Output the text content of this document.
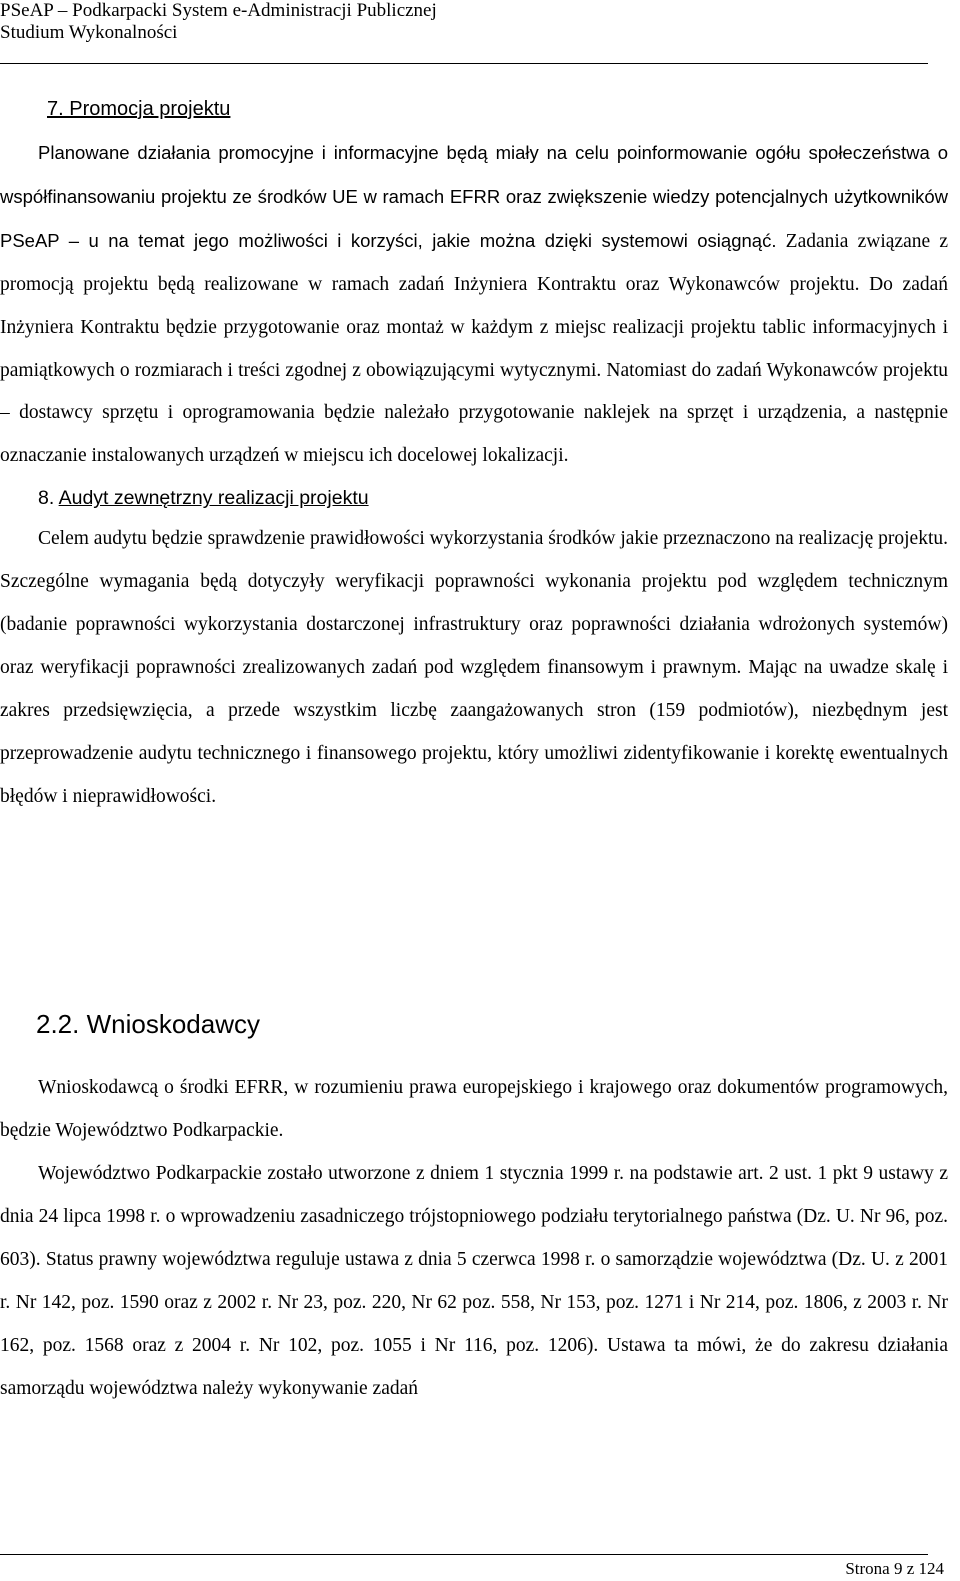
PSeAP – Podkarpacki System e-Administracji Publicznej
Studium Wykonalności
7. Promocja projektu

Planowane działania promocyjne i informacyjne będą miały na celu poinformowanie ogółu społeczeństwa o współfinansowaniu projektu ze środków UE w ramach EFRR oraz zwiększenie wiedzy potencjalnych użytkowników PSeAP – u na temat jego możliwości i korzyści, jakie można dzięki systemowi osiągnąć. Zadania związane z promocją projektu będą realizowane w ramach zadań Inżyniera Kontraktu oraz Wykonawców projektu. Do zadań Inżyniera Kontraktu będzie przygotowanie oraz montaż w każdym z miejsc realizacji projektu tablic informacyjnych i pamiątkowych o rozmiarach i treści zgodnej z obowiązującymi wytycznymi. Natomiast do zadań Wykonawców projektu – dostawcy sprzętu i oprogramowania będzie należało przygotowanie naklejek na sprzęt i urządzenia, a następnie oznaczanie instalowanych urządzeń w miejscu ich docelowej lokalizacji.

8. Audyt zewnętrzny realizacji projektu

Celem audytu będzie sprawdzenie prawidłowości wykorzystania środków jakie przeznaczono na realizację projektu. Szczególne wymagania będą dotyczyły weryfikacji poprawności wykonania projektu pod względem technicznym (badanie poprawności wykorzystania dostarczonej infrastruktury oraz poprawności działania wdrożonych systemów) oraz weryfikacji poprawności zrealizowanych zadań pod względem finansowym i prawnym. Mając na uwadze skalę i zakres przedsięwzięcia, a przede wszystkim liczbę zaangażowanych stron (159 podmiotów), niezbędnym jest przeprowadzenie audytu technicznego i finansowego projektu, który umożliwi zidentyfikowanie i korektę ewentualnych błędów i nieprawidłowości.

2.2. Wnioskodawcy

Wnioskodawcą o środki EFRR, w rozumieniu prawa europejskiego i krajowego oraz dokumentów programowych, będzie Województwo Podkarpackie.

Województwo Podkarpackie zostało utworzone z dniem 1 stycznia 1999 r. na podstawie art. 2 ust. 1 pkt 9 ustawy z dnia 24 lipca 1998 r. o wprowadzeniu zasadniczego trójstopniowego podziału terytorialnego państwa (Dz. U. Nr 96, poz. 603). Status prawny województwa reguluje ustawa z dnia 5 czerwca 1998 r. o samorządzie województwa (Dz. U. z 2001 r. Nr 142, poz. 1590 oraz z 2002 r. Nr 23, poz. 220, Nr 62 poz. 558, Nr 153, poz. 1271 i Nr 214, poz. 1806, z 2003 r. Nr 162, poz. 1568 oraz z 2004 r. Nr 102, poz. 1055 i Nr 116, poz. 1206). Ustawa ta mówi, że do zakresu działania samorządu województwa należy wykonywanie zadań

Strona 9 z 124
